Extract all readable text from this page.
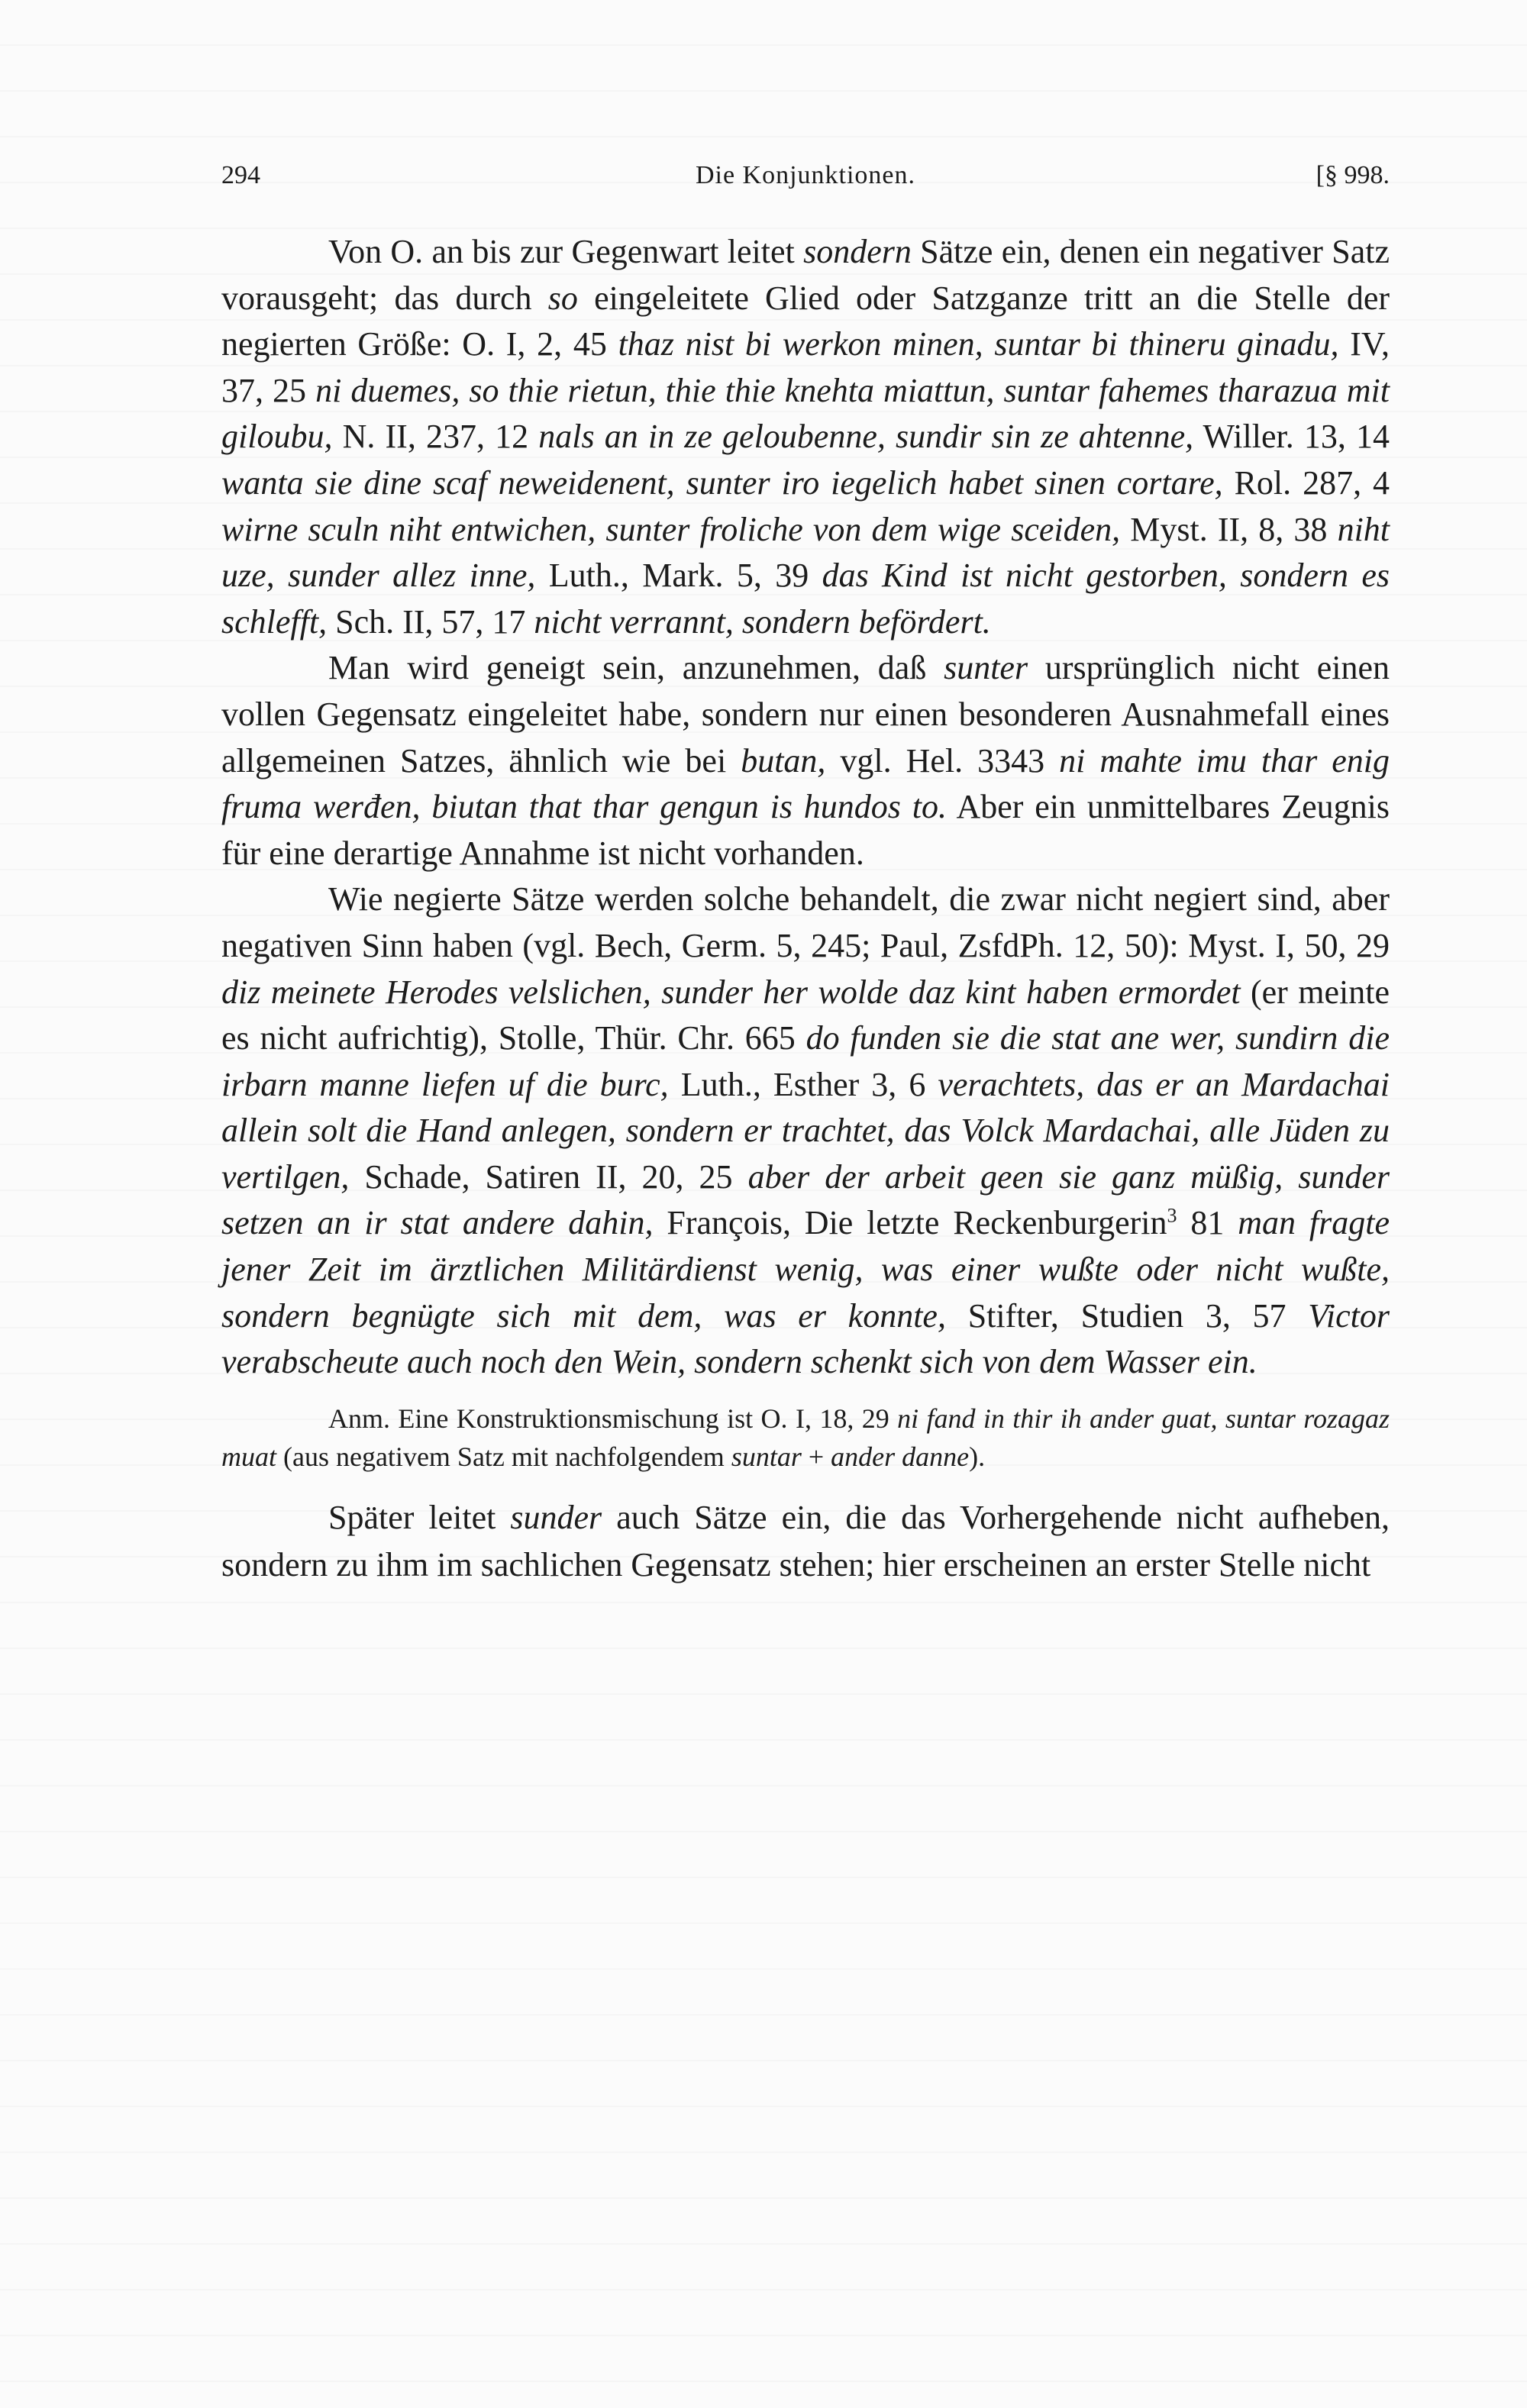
294	Die Konjunktionen.	[§ 998.

Von O. an bis zur Gegenwart leitet sondern Sätze ein, denen ein negativer Satz vorausgeht; das durch so eingeleitete Glied oder Satzganze tritt an die Stelle der negierten Größe: O. I, 2, 45 thaz nist bi werkon minen, suntar bi thineru ginadu, IV, 37, 25 ni duemes, so thie rietun, thie thie knehta miattun, suntar fahemes tharazua mit giloubu, N. II, 237, 12 nals an in ze geloubenne, sundir sin ze ahtenne, Willer. 13, 14 wanta sie dine scaf neweidenent, sunter iro iegelich habet sinen cortare, Rol. 287, 4 wirne sculn niht entwichen, sunter froliche von dem wige sceiden, Myst. II, 8, 38 niht uze, sunder allez inne, Luth., Mark. 5, 39 das Kind ist nicht gestorben, sondern es schlefft, Sch. II, 57, 17 nicht verrannt, sondern befördert.

Man wird geneigt sein, anzunehmen, daß sunter ursprünglich nicht einen vollen Gegensatz eingeleitet habe, sondern nur einen besonderen Ausnahmefall eines allgemeinen Satzes, ähnlich wie bei butan, vgl. Hel. 3343 ni mahte imu thar enig fruma werđen, biutan that thar gengun is hundos to. Aber ein unmittelbares Zeugnis für eine derartige Annahme ist nicht vorhanden.

Wie negierte Sätze werden solche behandelt, die zwar nicht negiert sind, aber negativen Sinn haben (vgl. Bech, Germ. 5, 245; Paul, ZsfdPh. 12, 50): Myst. I, 50, 29 diz meinete Herodes velslichen, sunder her wolde daz kint haben ermordet (er meinte es nicht aufrichtig), Stolle, Thür. Chr. 665 do funden sie die stat ane wer, sundirn die irbarn manne liefen uf die burc, Luth., Esther 3, 6 verachtets, das er an Mardachai allein solt die Hand anlegen, sondern er trachtet, das Volck Mardachai, alle Jüden zu vertilgen, Schade, Satiren II, 20, 25 aber der arbeit geen sie ganz müßig, sunder setzen an ir stat andere dahin, François, Die letzte Reckenburgerin$^3$ 81 man fragte jener Zeit im ärztlichen Militärdienst wenig, was einer wußte oder nicht wußte, sondern begnügte sich mit dem, was er konnte, Stifter, Studien 3, 57 Victor verabscheute auch noch den Wein, sondern schenkt sich von dem Wasser ein.

Anm. Eine Konstruktionsmischung ist O. I, 18, 29 ni fand in thir ih ander guat, suntar rozagaz muat (aus negativem Satz mit nachfolgendem suntar + ander danne).

Später leitet sunder auch Sätze ein, die das Vorhergehende nicht aufheben, sondern zu ihm im sachlichen Gegensatz stehen; hier erscheinen an erster Stelle nicht
